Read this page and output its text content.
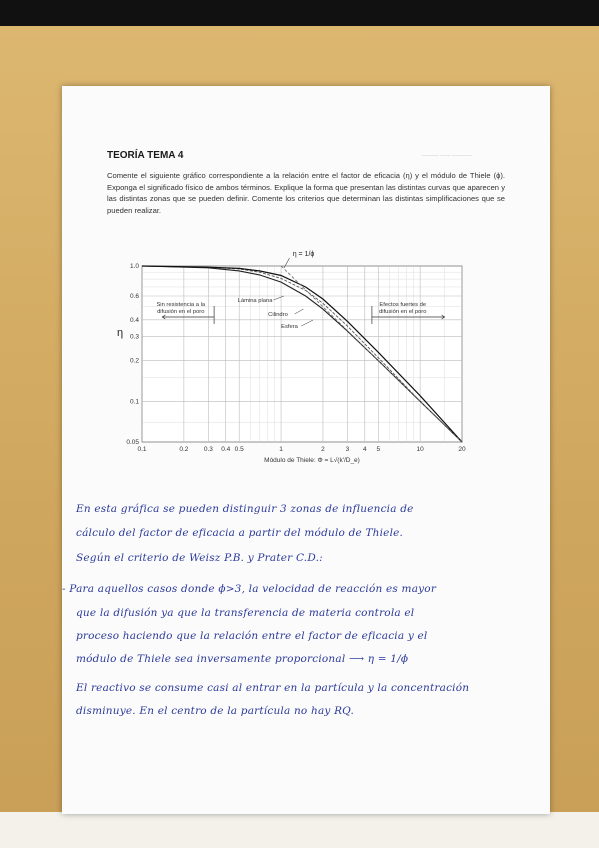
TEORÍA TEMA 4	_____ ___ ______

Comente el siguiente gráfico correspondiente a la relación entre el factor de eficacia (η) y el módulo de Thiele (ϕ). Exponga el significado físico de ambos términos. Explique la forma que presentan las distintas curvas que aparecen y las distintas zonas que se pueden definir. Comente los criterios que determinan las distintas simplificaciones que se pueden realizar.

0.1	0.2 0.3 0.4 0.5	1	2	3 4 5	10	20
0.05
0.1
0.2
0.3
0.4
0.6
1.0
Módulo de Thiele: Φ = L√(k'/D_e)
η
η = 1/ϕ
Sin resistencia a la
difusión en el poro
Efectos fuertes de
difusión en el poro
Lámina plana
Cilindro
Esfera

En esta gráfica se pueden distinguir 3 zonas de influencia de

cálculo del factor de eficacia a partir del módulo de Thiele.

Según el criterio de Weisz P.B. y Prater C.D.:

- Para aquellos casos donde ϕ>3, la velocidad de reacción es mayor

que la difusión ya que la transferencia de materia controla el

proceso haciendo que la relación entre el factor de eficacia y el

módulo de Thiele sea inversamente proporcional ⟶ η = 1/ϕ

El reactivo se consume casi al entrar en la partícula y la concentración

disminuye. En el centro de la partícula no hay RQ.
